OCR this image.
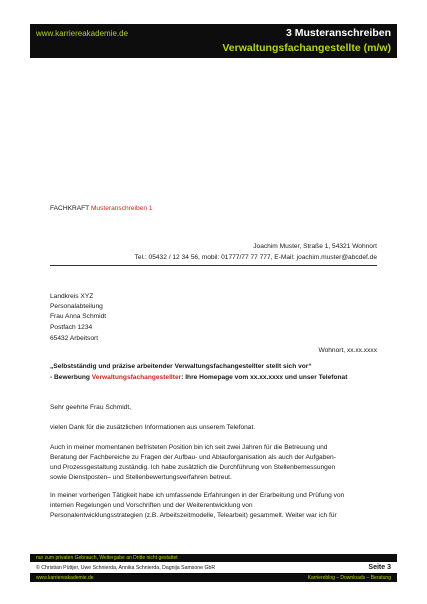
www.karriereakademie.de	3 Musteranschreiben
Verwaltungsfachangestellte (m/w)
FACHKRAFT Musteranschreiben 1
Joachim Muster, Straße 1, 54321 Wohnort
Tel.: 05432 / 12 34 56, mobil: 01777/77 77 777, E-Mail: joachim.muster@abcdef.de
Landkreis XYZ
Personalabteilung
Frau Anna Schmidt
Postfach 1234
65432 Arbeitsort
Wohnort, xx.xx.xxxx
„Selbstständig und präzise arbeitender Verwaltungsfachangestellter stellt sich vor“
- Bewerbung Verwaltungsfachangestellter: Ihre Homepage vom xx.xx.xxxx und unser Telefonat
Sehr geehrte Frau Schmidt,
vielen Dank für die zusätzlichen Informationen aus unserem Telefonat.
Auch in meiner momentanen befristeten Position bin ich seit zwei Jahren für die Betreuung und
Beratung der Fachbereiche zu Fragen der Aufbau- und Ablauforganisation als auch der Aufgaben-
und Prozessgestaltung zuständig. Ich habe zusätzlich die Durchführung von Stellenbemessungen
sowie Dienstposten– und Stellenbewertungsverfahren betreut.
In meiner vorherigen Tätigkeit habe ich umfassende Erfahrungen in der Erarbeitung und Prüfung von
internen Regelungen und Vorschriften und der Weiterentwicklung von
Personalentwicklungsstrategien (z.B. Arbeitszeitmodelle, Telearbeit) gesammelt. Weiter war ich für
nur zum privaten Gebrauch, Weitergabe an Dritte nicht gestattet
© Christian Püttjer, Uwe Schnierda, Annika Schnierda, Dagnija Samsone GbR	Seite 3
www.karriereakademie.de	Karriereblog – Downloads – Beratung
